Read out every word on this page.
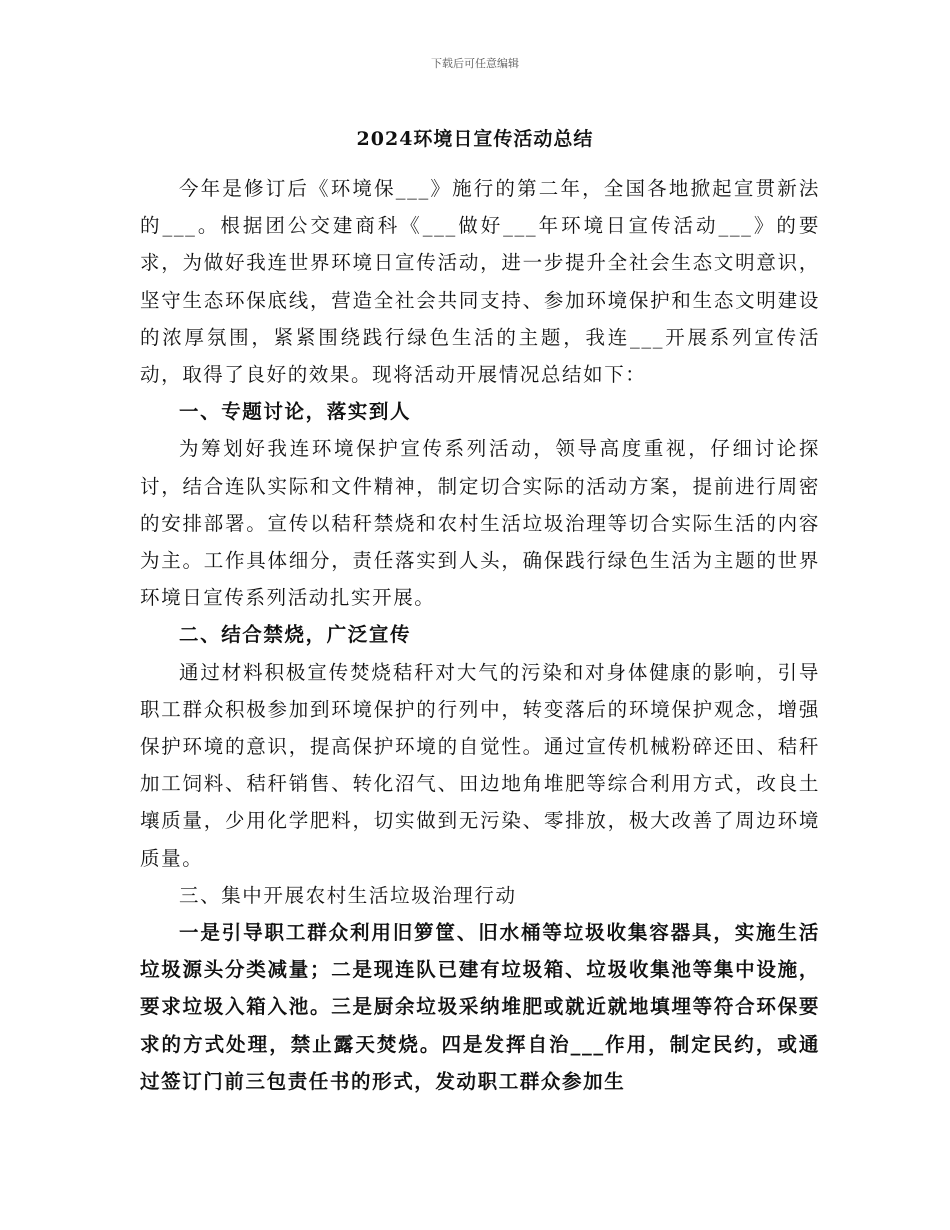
下载后可任意编辑
2024环境日宣传活动总结

今年是修订后《环境保___》施行的第二年，全国各地掀起宣贯新法的___。根据团公交建商科《___做好___年环境日宣传活动___》的要求，为做好我连世界环境日宣传活动，进一步提升全社会生态文明意识，坚守生态环保底线，营造全社会共同支持、参加环境保护和生态文明建设的浓厚氛围，紧紧围绕践行绿色生活的主题，我连___开展系列宣传活动，取得了良好的效果。现将活动开展情况总结如下：

一、专题讨论，落实到人

为筹划好我连环境保护宣传系列活动，领导高度重视，仔细讨论探讨，结合连队实际和文件精神，制定切合实际的活动方案，提前进行周密的安排部署。宣传以秸秆禁烧和农村生活垃圾治理等切合实际生活的内容为主。工作具体细分，责任落实到人头，确保践行绿色生活为主题的世界环境日宣传系列活动扎实开展。

二、结合禁烧，广泛宣传

通过材料积极宣传焚烧秸秆对大气的污染和对身体健康的影响，引导职工群众积极参加到环境保护的行列中，转变落后的环境保护观念，增强保护环境的意识，提高保护环境的自觉性。通过宣传机械粉碎还田、秸秆加工饲料、秸秆销售、转化沼气、田边地角堆肥等综合利用方式，改良土壤质量，少用化学肥料，切实做到无污染、零排放，极大改善了周边环境质量。

三、集中开展农村生活垃圾治理行动

一是引导职工群众利用旧箩筐、旧水桶等垃圾收集容器具，实施生活垃圾源头分类减量；二是现连队已建有垃圾箱、垃圾收集池等集中设施，要求垃圾入箱入池。三是厨余垃圾采纳堆肥或就近就地填埋等符合环保要求的方式处理，禁止露天焚烧。四是发挥自治___作用，制定民约，或通过签订门前三包责任书的形式，发动职工群众参加生
